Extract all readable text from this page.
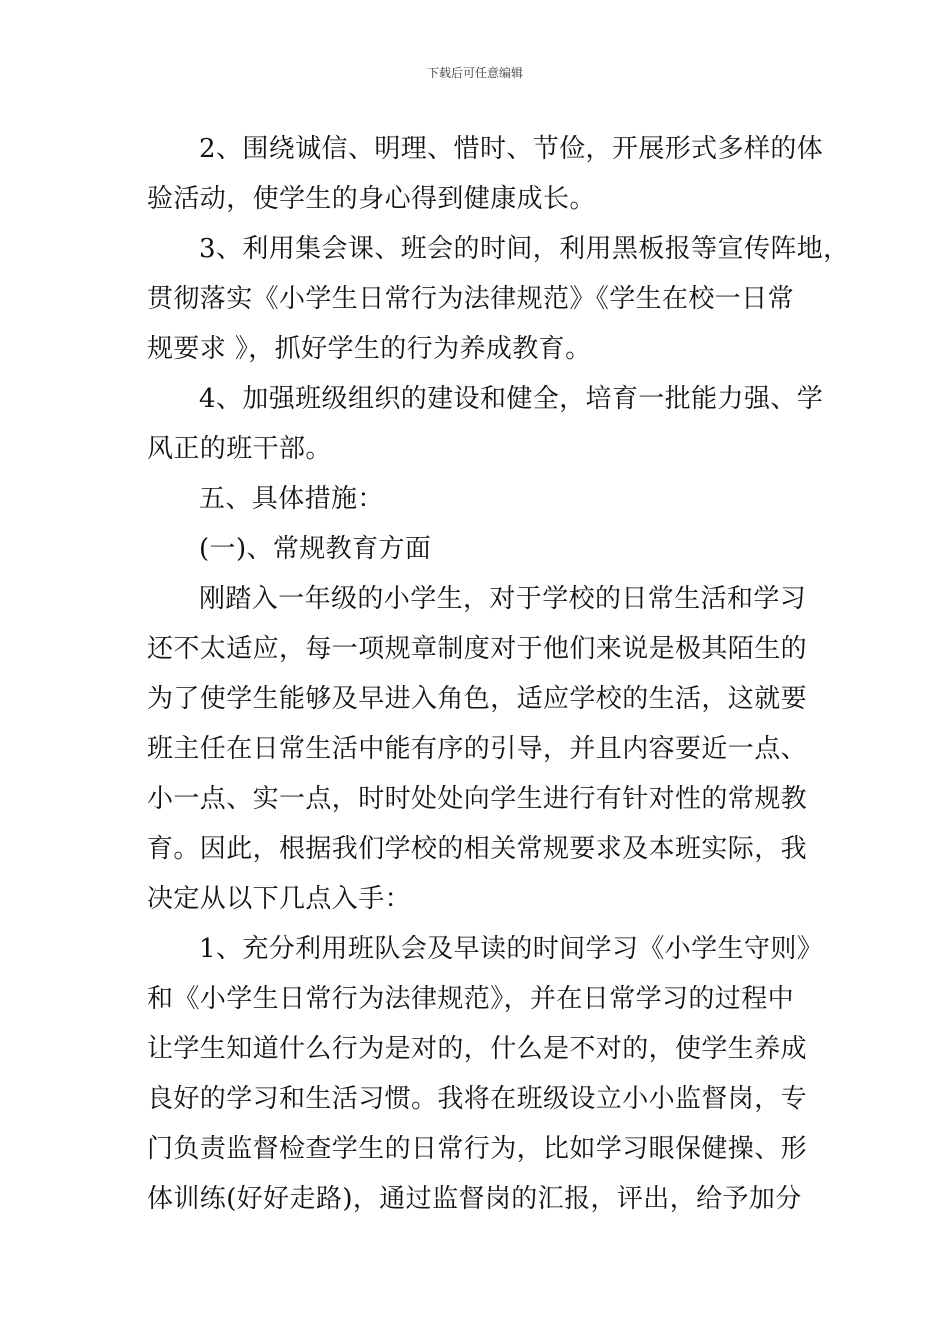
下载后可任意编辑
2、围绕诚信、明理、惜时、节俭，开展形式多样的体
验活动，使学生的身心得到健康成长。
3、利用集会课、班会的时间，利用黑板报等宣传阵地，
贯彻落实《小学生日常行为法律规范》《学生在校一日常
规要求 》，抓好学生的行为养成教育。
4、加强班级组织的建设和健全，培育一批能力强、学
风正的班干部。
五、具体措施：
(一)、常规教育方面
刚踏入一年级的小学生，对于学校的日常生活和学习
还不太适应，每一项规章制度对于他们来说是极其陌生的
为了使学生能够及早进入角色，适应学校的生活，这就要
班主任在日常生活中能有序的引导，并且内容要近一点、
小一点、实一点，时时处处向学生进行有针对性的常规教
育。因此，根据我们学校的相关常规要求及本班实际，我
决定从以下几点入手：
1、充分利用班队会及早读的时间学习《小学生守则》
和《小学生日常行为法律规范》，并在日常学习的过程中
让学生知道什么行为是对的，什么是不对的，使学生养成
良好的学习和生活习惯。我将在班级设立小小监督岗，专
门负责监督检查学生的日常行为，比如学习眼保健操、形
体训练(好好走路)，通过监督岗的汇报，评出，给予加分
